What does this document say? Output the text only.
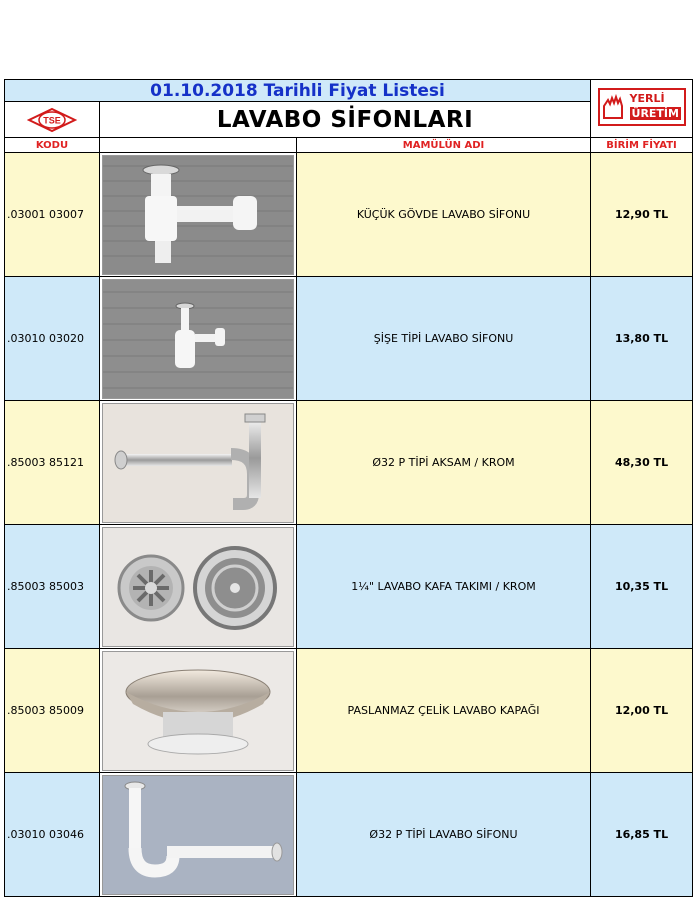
01.10.2018 Tarihli Fiyat Listesi			YERLİ
ÜRETİM

TSE	LAVABO SİFONLARI		
KODU		MAMÜLÜN ADI	BİRİM FİYATI
.03001 03007		KÜÇÜK GÖVDE LAVABO SİFONU	12,90 TL
.03010 03020		ŞİŞE TİPİ LAVABO SİFONU	13,80 TL
.85003 85121		Ø32 P TİPİ AKSAM / KROM	48,30 TL
.85003 85003		1¼" LAVABO KAFA TAKIMI / KROM	10,35 TL
.85003 85009		PASLANMAZ ÇELİK LAVABO KAPAĞI	12,00 TL
.03010 03046		Ø32 P TİPİ LAVABO SİFONU	16,85 TL
